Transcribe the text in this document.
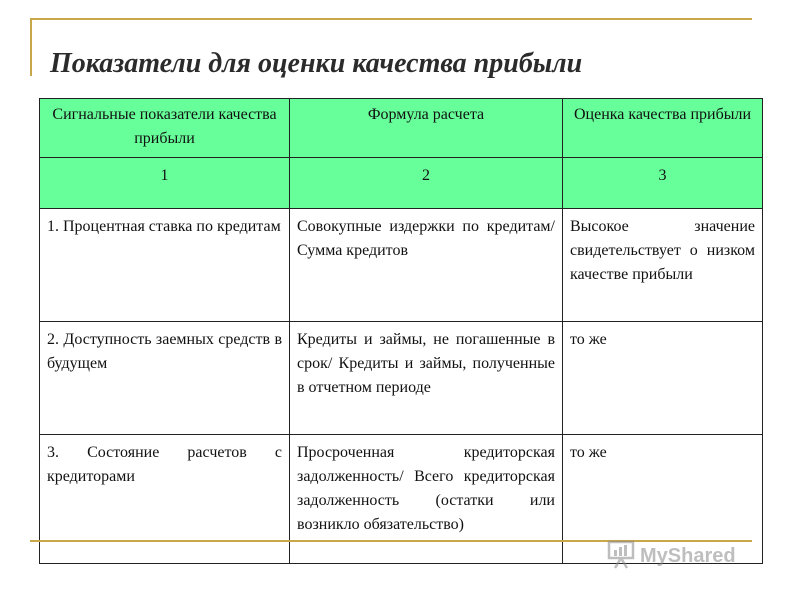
Показатели для оценки качества прибыли
Сигнальные показатели качества прибыли	Формула расчета	Оценка качества прибыли
1	2	3
1. Процентная ставка по кредитам	Совокупные издержки по кредитам/Сумма кредитов	Высокое значение свидетельствует о низком качестве прибыли
2. Доступность заемных средств в будущем	Кредиты и займы, не погашенные в срок/ Кредиты и займы, полученные в отчетном периоде	то же
3. Состояние расчетов с кредиторами	Просроченная кредиторская задолженность/ Всего кредиторская задолженность (остатки или возникло обязательство)	то же
MyShared
